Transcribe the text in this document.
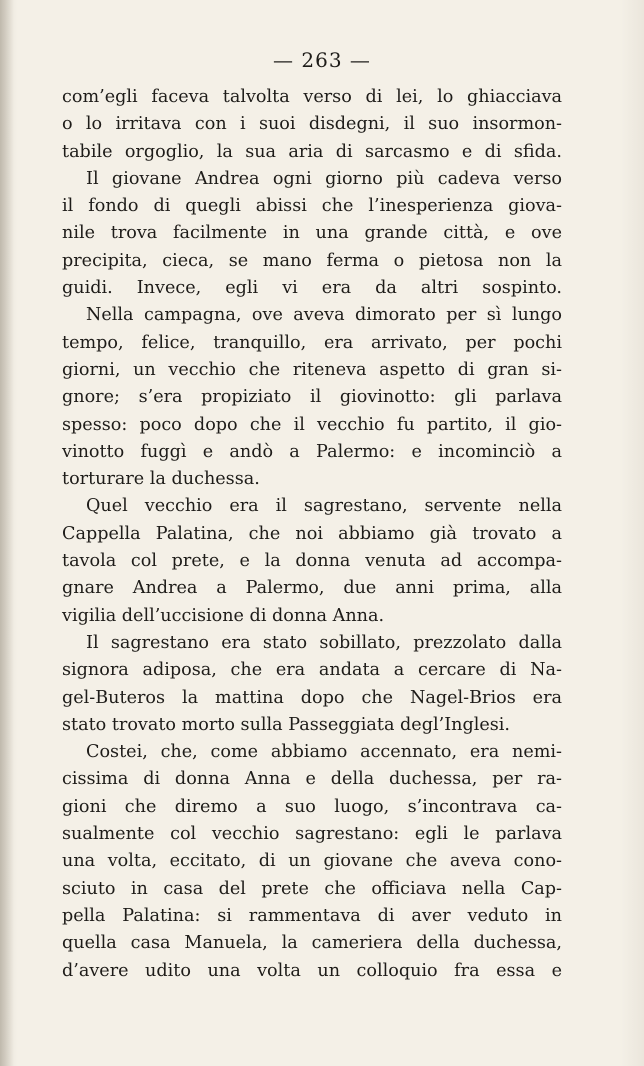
— 263 —
com’egli faceva talvolta verso di lei, lo ghiacciava
o lo irritava con i suoi disdegni, il suo insormon-
tabile orgoglio, la sua aria di sarcasmo e di sfida.
Il giovane Andrea ogni giorno più cadeva verso
il fondo di quegli abissi che l’inesperienza giova-
nile trova facilmente in una grande città, e ove
precipita, cieca, se mano ferma o pietosa non la
guidi. Invece, egli vi era da altri sospinto.
Nella campagna, ove aveva dimorato per sì lungo
tempo, felice, tranquillo, era arrivato, per pochi
giorni, un vecchio che riteneva aspetto di gran si-
gnore; s’era propiziato il giovinotto: gli parlava
spesso: poco dopo che il vecchio fu partito, il gio-
vinotto fuggì e andò a Palermo: e incominciò a
torturare la duchessa.
Quel vecchio era il sagrestano, servente nella
Cappella Palatina, che noi abbiamo già trovato a
tavola col prete, e la donna venuta ad accompa-
gnare Andrea a Palermo, due anni prima, alla
vigilia dell’uccisione di donna Anna.
Il sagrestano era stato sobillato, prezzolato dalla
signora adiposa, che era andata a cercare di Na-
gel-Buteros la mattina dopo che Nagel-Brios era
stato trovato morto sulla Passeggiata degl’Inglesi.
Costei, che, come abbiamo accennato, era nemi-
cissima di donna Anna e della duchessa, per ra-
gioni che diremo a suo luogo, s’incontrava ca-
sualmente col vecchio sagrestano: egli le parlava
una volta, eccitato, di un giovane che aveva cono-
sciuto in casa del prete che officiava nella Cap-
pella Palatina: si rammentava di aver veduto in
quella casa Manuela, la cameriera della duchessa,
d’avere udito una volta un colloquio fra essa e
